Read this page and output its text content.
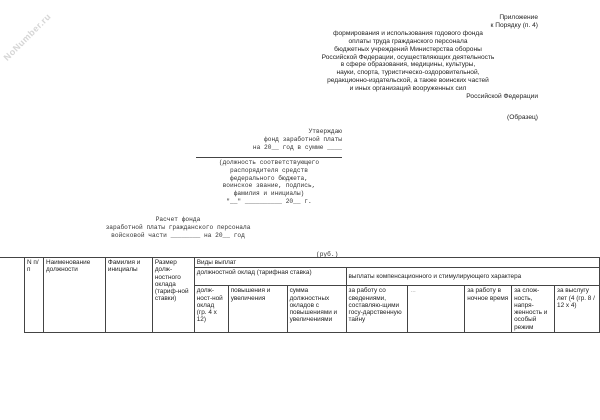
NoNumber.ru	Приложение
к Порядку (п. 4)
формирования и использования годового фонда
оплаты труда гражданского персонала
бюджетных учреждений Министерства обороны
Российской Федерации, осуществляющих деятельность
в сфере образования, медицины, культуры,
науки, спорта, туристическо-оздоровительной,
редакционно-издательской, а также воинских частей
и иных организаций вооруженных сил
Российской Федерации
(Образец)
Утверждаю
фонд заработной платы
на 20__ год в сумме ____
(должность соответствующего
распорядителя средств
федерального бюджета,
воинское звание, подпись,
фамилия и инициалы)
"__" __________ 20__ г.
Расчет фонда
заработной платы гражданского персонала
войсковой части ________ на 20__ год
(руб.)
N п/п	Наименование должности	Фамилия и инициалы	Размер долж-ностного оклада (тариф-ной ставки)	Виды выплат							
				должностной оклад (тарифная ставка)			выплаты компенсационного и стимулирующего характера				
				долж-ност-ной оклад (гр. 4 x 12)	повышения и увеличения	сумма должностных окладов с повышениями и увеличениями	за работу со сведениями, составляю-щими госу-дарственную тайну	...	за работу в ночное время	за слож-ность, напря-женность и особый режим	за выслугу лет (4 (гр. 8 / 12 x 4)
